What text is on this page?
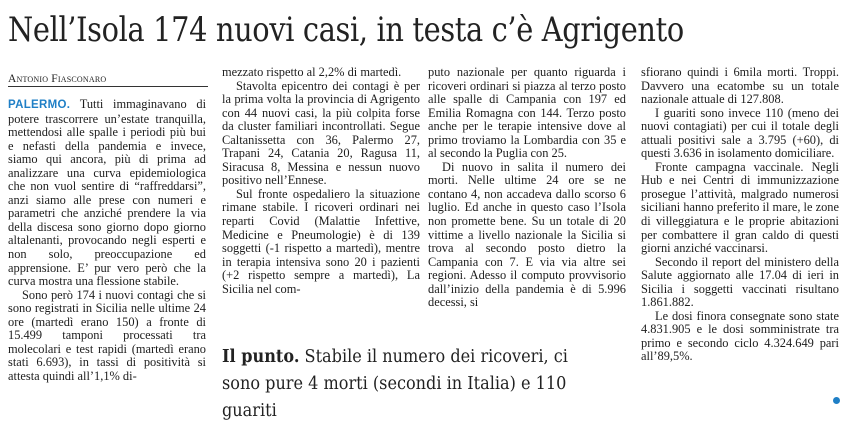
Nell’Isola 174 nuovi casi, in testa c’è Agrigento
Antonio Fiasconaro

PALERMO. Tutti immaginavano di potere trascorrere un’estate tranquilla, mettendosi alle spalle i periodi più bui e nefasti della pandemia e invece, siamo qui ancora, più di prima ad analizzare una curva epidemiologica che non vuol sentire di “raffreddarsi”, anzi siamo alle prese con numeri e parametri che anziché prendere la via della discesa sono giorno dopo giorno altalenanti, provocando negli esperti e non solo, preoccupazione ed apprensione. E’ pur vero però che la curva mostra una flessione stabile.

Sono però 174 i nuovi contagi che si sono registrati in Sicilia nelle ultime 24 ore (martedì erano 150) a fronte di 15.499 tamponi processati tra molecolari e test rapidi (martedì erano stati 6.693), in tassi di positività si attesta quindi all’1,1% di-

mezzato rispetto al 2,2% di martedì.

Stavolta epicentro dei contagi è per la prima volta la provincia di Agrigento con 44 nuovi casi, la più colpita forse da cluster familiari incontrollati. Segue Caltanissetta con 36, Palermo 27, Trapani 24, Catania 20, Ragusa 11, Siracusa 8, Messina e nessun nuovo positivo nell’Ennese.

Sul fronte ospedaliero la situazione rimane stabile. I ricoveri ordinari nei reparti Covid (Malattie Infettive, Medicine e Pneumologie) è di 139 soggetti (-1 rispetto a martedì), mentre in terapia intensiva sono 20 i pazienti (+2 rispetto sempre a martedì), La Sicilia nel com-

puto nazionale per quanto riguarda i ricoveri ordinari si piazza al terzo posto alle spalle di Campania con 197 ed Emilia Romagna con 144. Terzo posto anche per le terapie intensive dove al primo troviamo la Lombardia con 35 e al secondo la Puglia con 25.

Di nuovo in salita il numero dei morti. Nelle ultime 24 ore se ne contano 4, non accadeva dallo scorso 6 luglio. Ed anche in questo caso l’Isola non promette bene. Su un totale di 20 vittime a livello nazionale la Sicilia si trova al secondo posto dietro la Campania con 7. E via via altre sei regioni. Adesso il computo provvisorio dall’inizio della pandemia è di 5.996 decessi, si

sfiorano quindi i 6mila morti. Troppi. Davvero una ecatombe su un totale nazionale attuale di 127.808.

I guariti sono invece 110 (meno dei nuovi contagiati) per cui il totale degli attuali positivi sale a 3.795 (+60), di questi 3.636 in isolamento domiciliare.

Fronte campagna vaccinale. Negli Hub e nei Centri di immunizzazione prosegue l’attività, malgrado numerosi siciliani hanno preferito il mare, le zone di villeggiatura e le proprie abitazioni per combattere il gran caldo di questi giorni anziché vaccinarsi.

Secondo il report del ministero della Salute aggiornato alle 17.04 di ieri in Sicilia i soggetti vaccinati risultano 1.861.882.

Le dosi finora consegnate sono state 4.831.905 e le dosi somministrate tra primo e secondo ciclo 4.324.649 pari all’89,5%.

Il punto. Stabile il numero dei ricoveri, ci sono pure 4 morti (secondi in Italia) e 110 guariti
